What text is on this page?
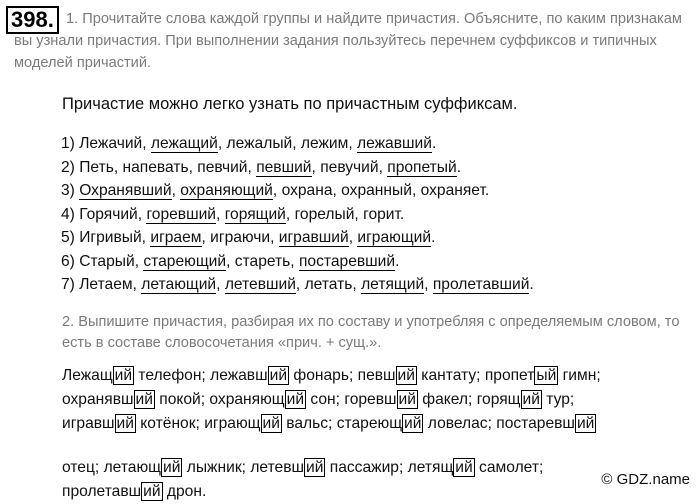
398. 1. Прочитайте слова каждой группы и найдите причастия. Объясните, по каким признакам вы узнали причастия. При выполнении задания пользуйтесь перечнем суффиксов и типичных моделей причастий.
Причастие можно легко узнать по причастным суффиксам.
1) Лежачий, лежащий, лежалый, лежим, лежавший.
2) Петь, напевать, певчий, певший, певучий, пропетый.
3) Охранявший, охраняющий, охрана, охранный, охраняет.
4) Горячий, горевший, горящий, горелый, горит.
5) Игривый, играем, играючи, игравший, играющий.
6) Старый, стареющий, стареть, постаревший.
7) Летаем, летающий, летевший, летать, летящий, пролетавший.
2. Выпишите причастия, разбирая их по составу и употребляя с определяемым словом, то есть в составе словосочетания «прич. + сущ.».

Лежащ ий телефон; лежавш ий фонарь; певш ий кантату; пропет ый гимн;

охранявш ий покой; охраняющ ий сон; горевш ий факел; горящ ий тур;

игравш ий котёнок; играющ ий вальс; стареющ ий ловелас; постаревш ий

отец; летающ ий лыжник; летевш ий пассажир; летящ ий самолет;

пролетавш ий дрон.

© GDZ.name
